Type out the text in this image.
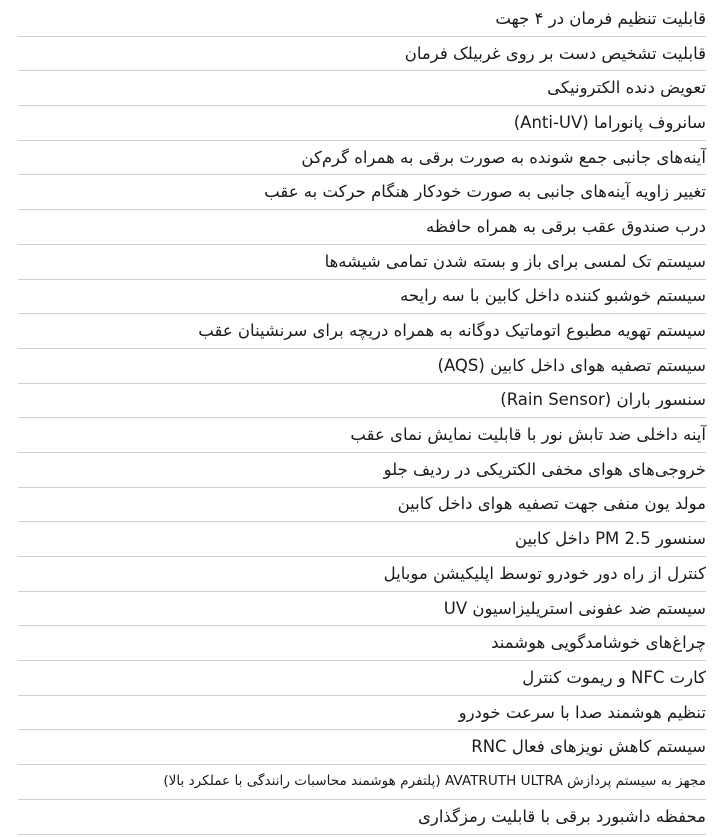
قابلیت تنظیم فرمان در ۴ جهت
قابلیت تشخیص دست بر روی غربیلک فرمان
تعویض دنده الکترونیکی
سانروف پانوراما (Anti-UV)
آینه‌های جانبی جمع شونده به صورت برقی به همراه گرم‌کن
تغییر زاویه آینه‌های جانبی به صورت خودکار هنگام حرکت به عقب
درب صندوق عقب برقی به همراه حافظه
سیستم تک لمسی برای باز و بسته شدن تمامی شیشه‌ها
سیستم خوشبو کننده داخل کابین با سه رایحه
سیستم تهویه مطبوع اتوماتیک دوگانه به همراه دریچه برای سرنشینان عقب
سیستم تصفیه هوای داخل کابین (AQS)
سنسور باران (Rain Sensor)
آینه داخلی ضد تابش نور با قابلیت نمایش نمای عقب
خروجی‌های هوای مخفی الکتریکی در ردیف جلو
مولد یون منفی جهت تصفیه هوای داخل کابین
سنسور PM 2.5 داخل کابین
کنترل از راه دور خودرو توسط اپلیکیشن موبایل
سیستم ضد عفونی استریلیزاسیون UV
چراغ‌های خوشامدگویی هوشمند
کارت NFC و ریموت کنترل
تنظیم هوشمند صدا با سرعت خودرو
سیستم کاهش نویزهای فعال RNC
مجهز به سیستم پردازش AVATRUTH ULTRA (پلتفرم هوشمند محاسبات رانندگی با عملکرد بالا)
محفظه داشبورد برقی با قابلیت رمزگذاری
